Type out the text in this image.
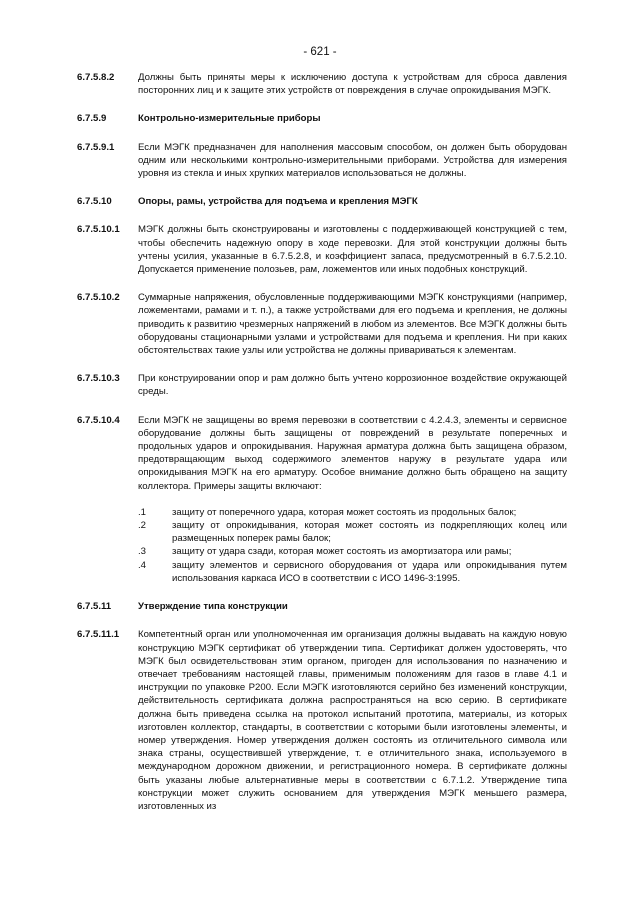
- 621 -
6.7.5.8.2	Должны быть приняты меры к исключению доступа к устройствам для сброса давления посторонних лиц и к защите этих устройств от повреждения в случае опрокидывания МЭГК.

6.7.5.9	Контрольно-измерительные приборы
6.7.5.9.1	Если МЭГК предназначен для наполнения массовым способом, он должен быть оборудован одним или несколькими контрольно-измерительными приборами. Устройства для измерения уровня из стекла и иных хрупких материалов использоваться не должны.

6.7.5.10	Опоры, рамы, устройства для подъема и крепления МЭГК
6.7.5.10.1	МЭГК должны быть сконструированы и изготовлены с поддерживающей конструкцией с тем, чтобы обеспечить надежную опору в ходе перевозки. Для этой конструкции должны быть учтены усилия, указанные в 6.7.5.2.8, и коэффициент запаса, предусмотренный в 6.7.5.2.10. Допускается применение полозьев, рам, ложементов или иных подобных конструкций.

6.7.5.10.2	Суммарные напряжения, обусловленные поддерживающими МЭГК конструкциями (например, ложементами, рамами и т. п.), а также устройствами для его подъема и крепления, не должны приводить к развитию чрезмерных напряжений в любом из элементов. Все МЭГК должны быть оборудованы стационарными узлами и устройствами для подъема и крепления. Ни при каких обстоятельствах такие узлы или устройства не должны привариваться к элементам.

6.7.5.10.3	При конструировании опор и рам должно быть учтено коррозионное воздействие окружающей среды.

6.7.5.10.4	Если МЭГК не защищены во время перевозки в соответствии с 4.2.4.3, элементы и сервисное оборудование должны быть защищены от повреждений в результате поперечных и продольных ударов и опрокидывания. Наружная арматура должна быть защищена образом, предотвращающим выход содержимого элементов наружу в результате удара или опрокидывания МЭГК на его арматуру. Особое внимание должно быть обращено на защиту коллектора. Примеры защиты включают:

.1	защиту от поперечного удара, которая может состоять из продольных балок;
.2	защиту от опрокидывания, которая может состоять из подкрепляющих колец или размещенных поперек рамы балок;
.3	защиту от удара сзади, которая может состоять из амортизатора или рамы;
.4	защиту элементов и сервисного оборудования от удара или опрокидывания путем использования каркаса ИСО в соответствии с ИСО 1496-3:1995.
6.7.5.11	Утверждение типа конструкции
6.7.5.11.1	Компетентный орган или уполномоченная им организация должны выдавать на каждую новую конструкцию МЭГК сертификат об утверждении типа. Сертификат должен удостоверять, что МЭГК был освидетельствован этим органом, пригоден для использования по назначению и отвечает требованиям настоящей главы, применимым положениям для газов в главе 4.1 и инструкции по упаковке Р200. Если МЭГК изготовляются серийно без изменений конструкции, действительность сертификата должна распространяться на всю серию. В сертификате должна быть приведена ссылка на протокол испытаний прототипа, материалы, из которых изготовлен коллектор, стандарты, в соответствии с которыми были изготовлены элементы, и номер утверждения. Номер утверждения должен состоять из отличительного символа или знака страны, осуществившей утверждение, т. е отличительного знака, используемого в международном дорожном движении, и регистрационного номера. В сертификате должны быть указаны любые альтернативные меры в соответствии с 6.7.1.2. Утверждение типа конструкции может служить основанием для утверждения МЭГК меньшего размера, изготовленных из
